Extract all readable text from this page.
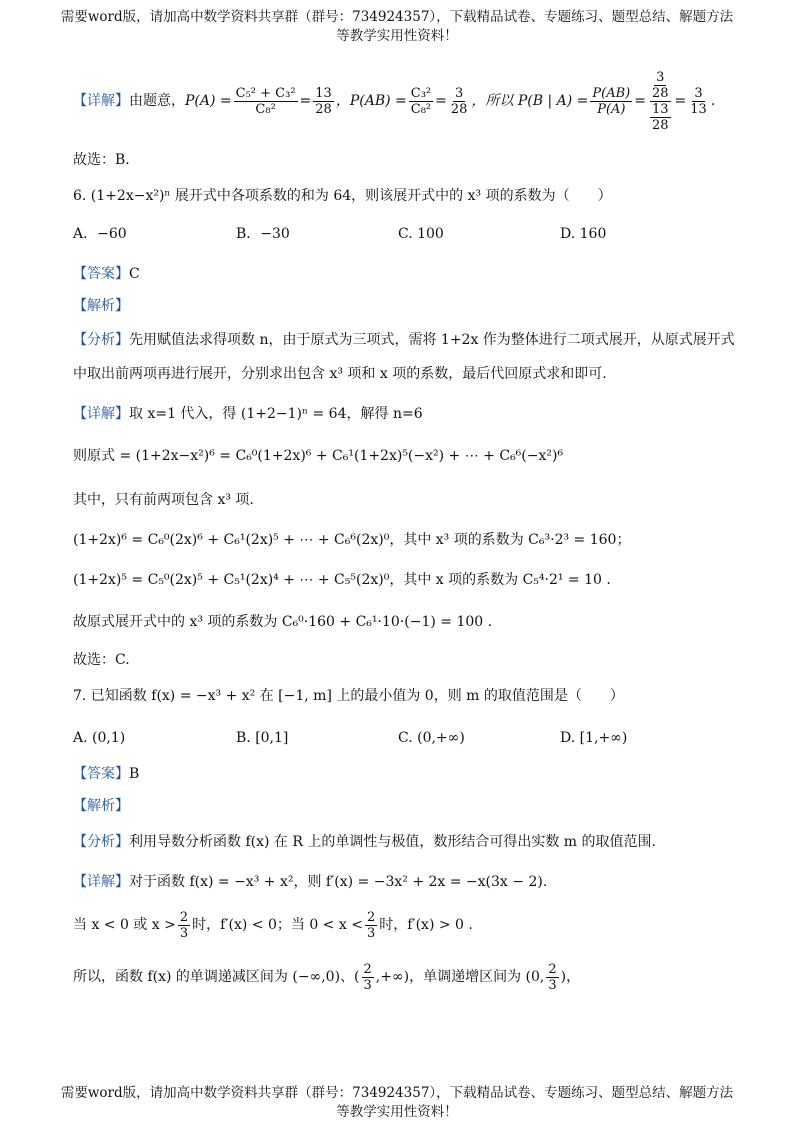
需要word版，请加高中数学资料共享群（群号：734924357），下载精品试卷、专题练习、题型总结、解题方法
等教学实用性资料！
【详解】 由题意， $P(A) = \frac{\text{C₅² + C₃²}}{\text{C₈²}} = \frac{13}{28}$ ，$P(AB) = \frac{\text{C₃²}}{\text{C₈²}} = \frac{3}{28}$ ，所以 P(B | $A) = \frac{P(AB)}{P(A)} = \frac{\frac{3}{28}}{\frac{13}{28}} = \frac{3}{13}$ .
故选：B.
6. (1+2x−x²)ⁿ 展开式中各项系数的和为 64，则该展开式中的 x³ 项的系数为（　　）
A．−60	B．−30	C. 100	D. 160
【答案】C
【解析】
【分析】先用赋值法求得项数 n，由于原式为三项式，需将 1+2x 作为整体进行二项式展开，从原式展开式
中取出前两项再进行展开，分别求出包含 x³ 项和 x 项的系数，最后代回原式求和即可.
【详解】取 x=1 代入，得 (1+2−1)ⁿ = 64，解得 n=6
则原式 = (1+2x−x²)⁶ = C₆⁰(1+2x)⁶ + C₆¹(1+2x)⁵(−x²) + ⋯ + C₆⁶(−x²)⁶
其中，只有前两项包含 x³ 项.
(1+2x)⁶ = C₆⁰(2x)⁶ + C₆¹(2x)⁵ + ⋯ + C₆⁶(2x)⁰，其中 x³ 项的系数为 C₆³·2³ = 160；
(1+2x)⁵ = C₅⁰(2x)⁵ + C₅¹(2x)⁴ + ⋯ + C₅⁵(2x)⁰，其中 x 项的系数为 C₅⁴·2¹ = 10 .
故原式展开式中的 x³ 项的系数为 C₆⁰·160 + C₆¹·10·(−1) = 100 .
故选：C.
7. 已知函数 f(x) = −x³ + x² 在 [−1, m] 上的最小值为 0，则 m 的取值范围是（　　）
A. (0,1)	B. [0,1]	C. (0,+∞)	D. [1,+∞)
【答案】B
【解析】
【分析】利用导数分析函数 f(x) 在 R 上的单调性与极值，数形结合可得出实数 m 的取值范围.
【详解】对于函数 f(x) = −x³ + x²，则 f′(x) = −3x² + 2x = −x(3x − 2).
当 x < 0 或 $x > \frac{2}{3}$ 时，f′(x) < 0；当 $0 < x < \frac{2}{3}$ 时，f′(x) > 0 .
所以，函数 f(x) 的单调递减区间为 (−∞,0)、( $\frac{2}{3}$ ,+∞)，单调递增区间为 (0, $\frac{2}{3}$ )，
需要word版，请加高中数学资料共享群（群号：734924357），下载精品试卷、专题练习、题型总结、解题方法
等教学实用性资料！
